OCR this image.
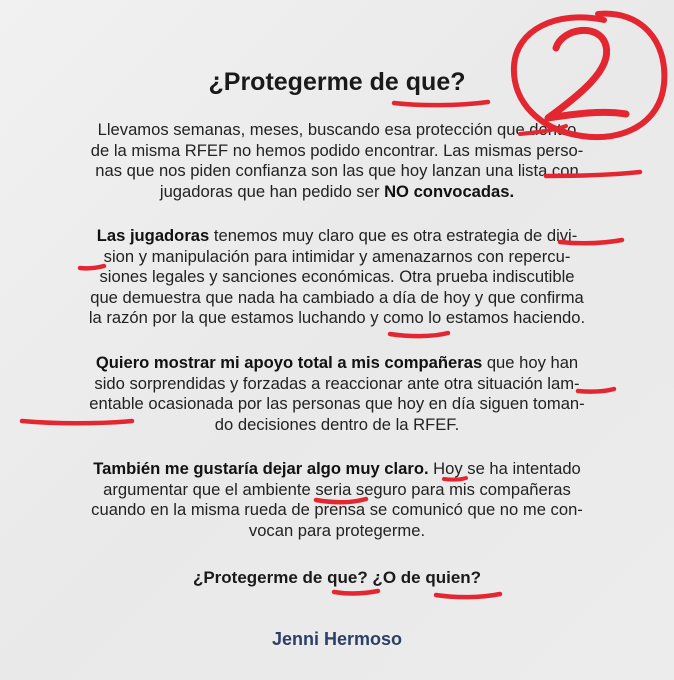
¿Protegerme de que?
Llevamos semanas, meses, buscando esa protección que dentro
de la misma RFEF no hemos podido encontrar. Las mismas perso-
nas que nos piden confianza son las que hoy lanzan una lista con
jugadoras que han pedido ser NO convocadas.
Las jugadoras tenemos muy claro que es otra estrategia de divi-
sion y manipulación para intimidar y amenazarnos con repercu-
siones legales y sanciones económicas. Otra prueba indiscutible
que demuestra que nada ha cambiado a día de hoy y que confirma
la razón por la que estamos luchando y como lo estamos haciendo.
Quiero mostrar mi apoyo total a mis compañeras que hoy han
sido sorprendidas y forzadas a reaccionar ante otra situación lam-
entable ocasionada por las personas que hoy en día siguen toman-
do decisiones dentro de la RFEF.
También me gustaría dejar algo muy claro. Hoy se ha intentado
argumentar que el ambiente seria seguro para mis compañeras
cuando en la misma rueda de prensa se comunicó que no me con-
vocan para protegerme.
¿Protegerme de que? ¿O de quien?
Jenni Hermoso
